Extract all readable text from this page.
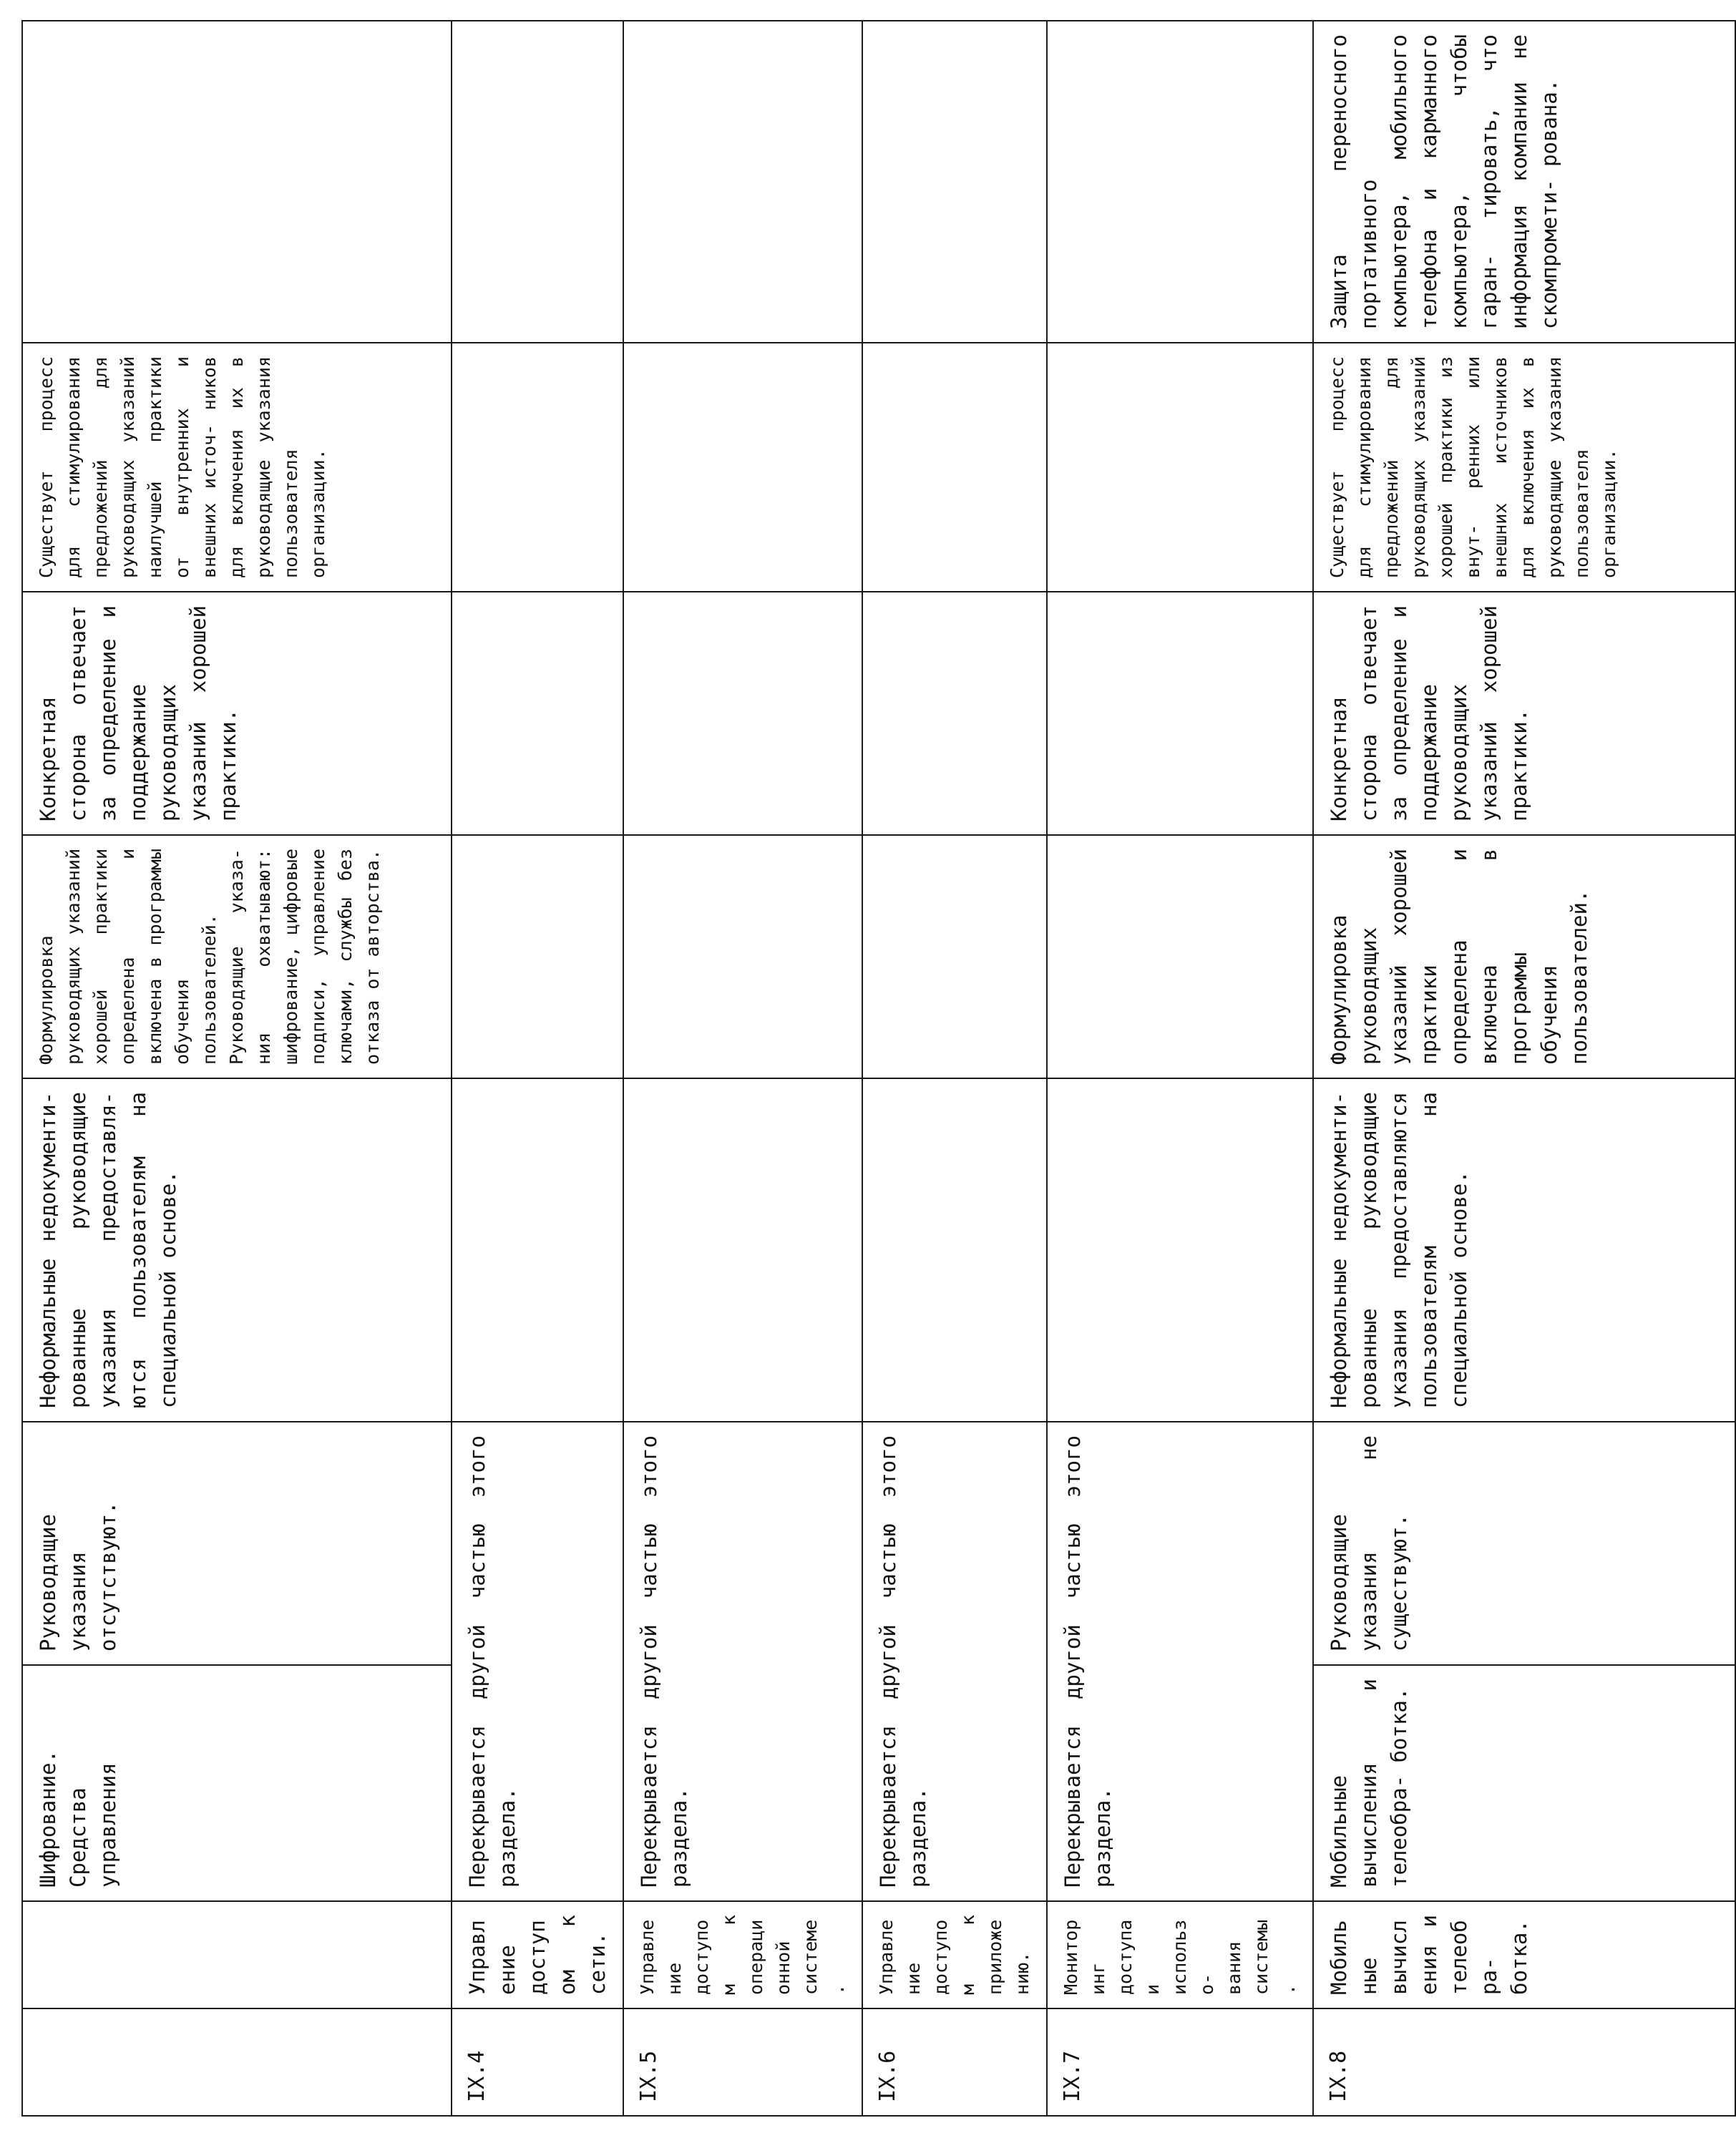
		Шифрование. Средства управления	Руководящие указания отсутствуют.	Неформальные недокументи- рованные руководящие указания предоставля- ются пользователям на специальной основе.	Формулировка руководящих указаний хорошей практики определена и включена в программы обучения пользователей. Руководящие указа- ния охватывают: шифрование, цифровые подписи, управление ключами, службы без отказа от авторства.	Конкретная сторона отвечает за определение и поддержание руководящих указаний хорошей практики.	Существует процесс для стимулирования предложений для руководящих указаний наилучшей практики от внутренних и внешних источ- ников для включения их в руководящие указания пользователя организации.	
IX.4	Управление доступом к сети.	Перекрывается другой частью этого раздела.					
IX.5	Управление доступом к операционной системе.	Перекрывается другой частью этого раздела.					
IX.6	Управление доступом к приложению.	Перекрывается другой частью этого раздела.					
IX.7	Мониторинг доступа и использо- вания системы.	Перекрывается другой частью этого раздела.					
IX.8	Мобильные вычисления и телеобра- ботка.	Мобильные вычисления и телеобра- ботка.	Руководящие указания не существуют.	Неформальные недокументи- рованные руководящие указания предоставляются пользователям на специальной основе.	Формулировка руководящих указаний хорошей практики определена и включена в программы обучения пользователей.	Конкретная сторона отвечает за определение и поддержание руководящих указаний хорошей практики.	Существует процесс для стимулирования предложений для руководящих указаний хорошей практики из внут- ренних или внешних источников для включения их в руководящие указания пользователя организации.	Защита переносного портативного компьютера, мобильного телефона и карманного компьютера, чтобы гаран- тировать, что информация компании не скомпромети- рована.
